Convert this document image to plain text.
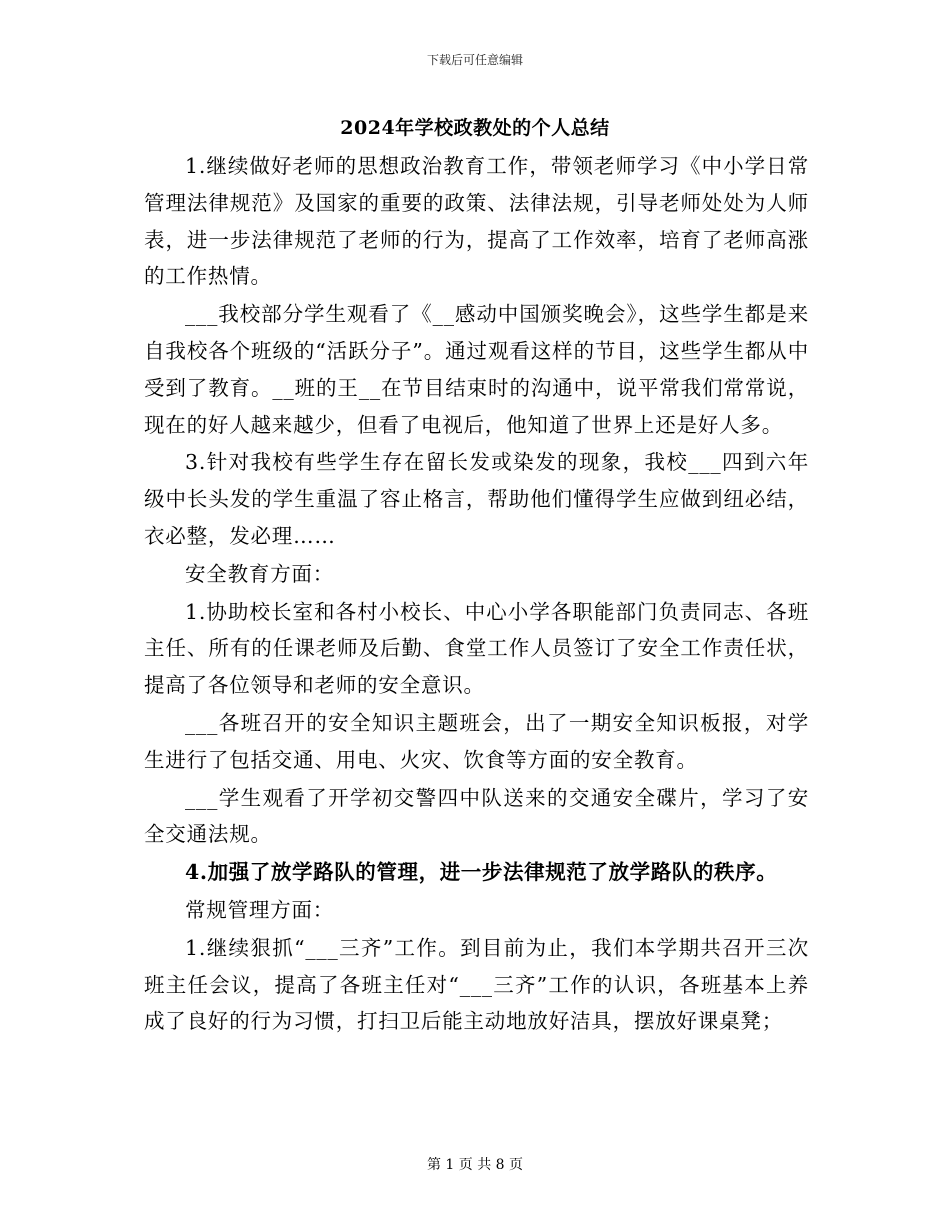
下载后可任意编辑
2024年学校政教处的个人总结

1.继续做好老师的思想政治教育工作，带领老师学习《中小学日常管理法律规范》及国家的重要的政策、法律法规，引导老师处处为人师表，进一步法律规范了老师的行为，提高了工作效率，培育了老师高涨的工作热情。

___我校部分学生观看了《__感动中国颁奖晚会》，这些学生都是来自我校各个班级的“活跃分子”。通过观看这样的节目，这些学生都从中受到了教育。__班的王__在节目结束时的沟通中，说平常我们常常说，现在的好人越来越少，但看了电视后，他知道了世界上还是好人多。

3.针对我校有些学生存在留长发或染发的现象，我校___四到六年级中长头发的学生重温了容止格言，帮助他们懂得学生应做到纽必结，衣必整，发必理……

安全教育方面：

1.协助校长室和各村小校长、中心小学各职能部门负责同志、各班主任、所有的任课老师及后勤、食堂工作人员签订了安全工作责任状，提高了各位领导和老师的安全意识。

___各班召开的安全知识主题班会，出了一期安全知识板报，对学生进行了包括交通、用电、火灾、饮食等方面的安全教育。

___学生观看了开学初交警四中队送来的交通安全碟片，学习了安全交通法规。

4.加强了放学路队的管理，进一步法律规范了放学路队的秩序。

常规管理方面：

1.继续狠抓“___三齐”工作。到目前为止，我们本学期共召开三次班主任会议，提高了各班主任对“___三齐”工作的认识，各班基本上养成了良好的行为习惯，打扫卫后能主动地放好洁具，摆放好课桌凳；

第 1 页 共 8 页
